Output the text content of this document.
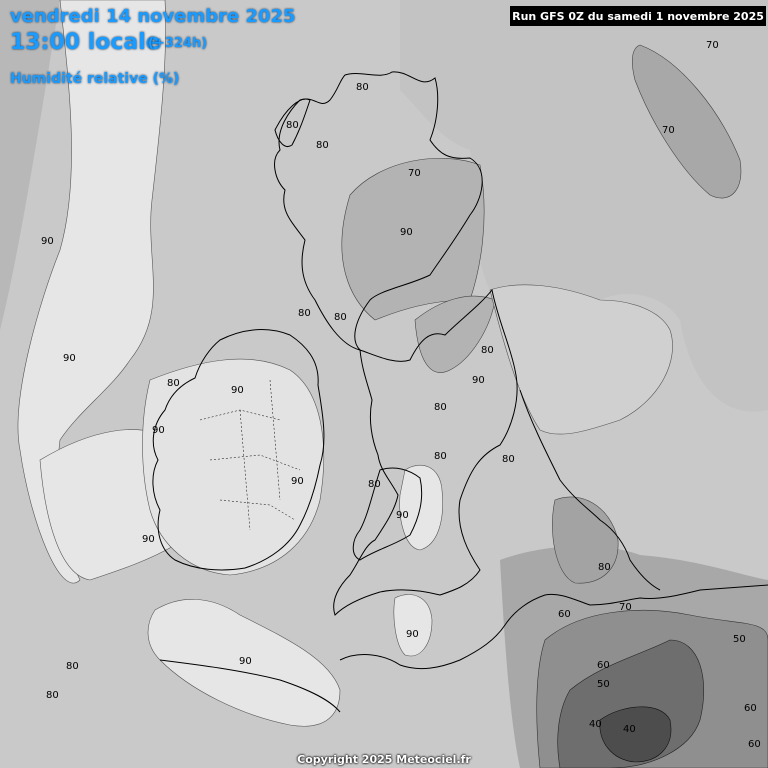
70
70
80
80
80
70
90
90
90
80 80
80
90
90
80
90
80
80
90	80
90
90
80
80	90
80
90
60
70
60
50
40 40
50
60
60
80
vendredi 14 novembre 2025
13:00 locale
(+324h)
Humidité relative (%)
Run GFS 0Z du samedi 1 novembre 2025
Copyright 2025 Meteociel.fr
